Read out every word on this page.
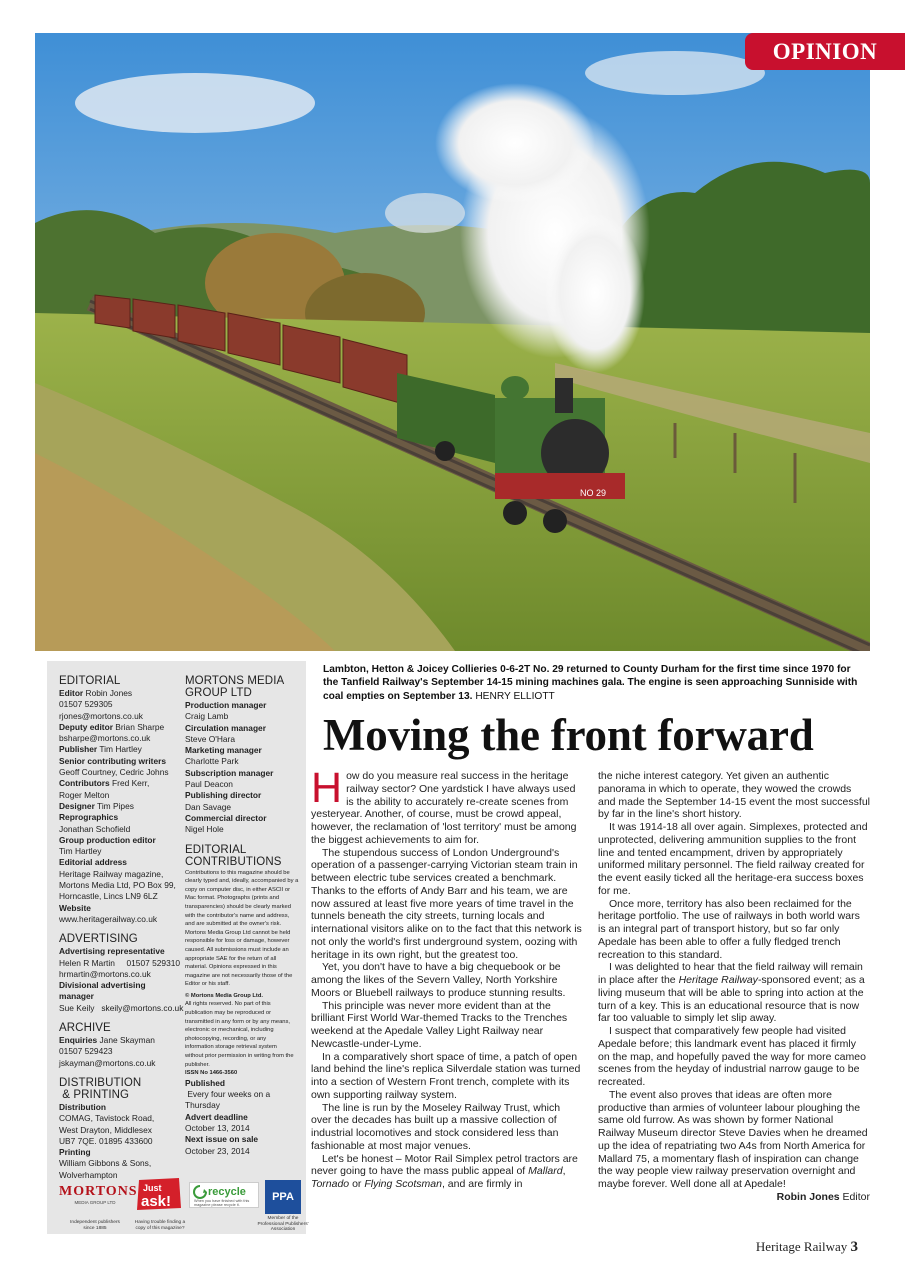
NO 29
OPINION
EDITORIAL
Editor Robin Jones
01507 529305
rjones@mortons.co.uk
Deputy editor Brian Sharpe
bsharpe@mortons.co.uk
Publisher Tim Hartley
Senior contributing writers
Geoff Courtney, Cedric Johns
Contributors Fred Kerr,
Roger Melton
Designer Tim Pipes
Reprographics
Jonathan Schofield
Group production editor
Tim Hartley
Editorial address
Heritage Railway magazine,
Mortons Media Ltd, PO Box 99,
Horncastle, Lincs LN9 6LZ
Website
www.heritagerailway.co.uk
ADVERTISING
Advertising representative
Helen R Martin     01507 529310
hrmartin@mortons.co.uk
Divisional advertising
manager
Sue Keily   skeily@mortons.co.uk
ARCHIVE
Enquiries Jane Skayman
01507 529423
jskayman@mortons.co.uk
DISTRIBUTION
& PRINTING
Distribution
COMAG, Tavistock Road,
West Drayton, Middlesex
UB7 7QE. 01895 433600
Printing
William Gibbons & Sons,
Wolverhampton
MORTONS MEDIA
GROUP LTD
Production manager
Craig Lamb
Circulation manager
Steve O'Hara
Marketing manager
Charlotte Park
Subscription manager
Paul Deacon
Publishing director
Dan Savage
Commercial director
Nigel Hole
EDITORIAL
CONTRIBUTIONS
Contributions to this magazine should be
clearly typed and, ideally, accompanied by a
copy on computer disc, in either ASCII or
Mac format. Photographs (prints and
transparencies) should be clearly marked
with the contributor's name and address,
and are submitted at the owner's risk.
Mortons Media Group Ltd cannot be held
responsible for loss or damage, however
caused. All submissions must include an
appropriate SAE for the return of all
material. Opinions expressed in this
magazine are not necessarily those of the
Editor or his staff.
© Mortons Media Group Ltd.
All rights reserved. No part of this
publication may be reproduced or
transmitted in any form or by any means,
electronic or mechanical, including
photocopying, recording, or any
information storage retrieval system
without prior permission in writing from the
publisher.
ISSN No 1466-3560
Published Every four weeks on a
Thursday
Advert deadline
October 13, 2014
Next issue on sale
October 23, 2014
MORTONS
MEDIA GROUP LTD
Independent publishers
since 1885
Just
ask!
Having trouble finding a
copy of this magazine?
recycle
When you have finished with this magazine please recycle it.
PPA
Member of the
Professional Publishers'
Association
Lambton, Hetton & Joicey Collieries 0-6-2T No. 29 returned to County Durham for the first time since 1970 for the Tanfield Railway's September 14-15 mining machines gala. The engine is seen approaching Sunniside with coal empties on September 13. HENRY ELLIOTT
Moving the front forward
H ow do you measure real success in the heritage railway sector? One yardstick I have always used is the ability to accurately re-create scenes from yesteryear. Another, of course, must be crowd appeal, however, the reclamation of 'lost territory' must be among the biggest achievements to aim for.

The stupendous success of London Underground's operation of a passenger-carrying Victorian steam train in between electric tube services created a benchmark. Thanks to the efforts of Andy Barr and his team, we are now assured at least five more years of time travel in the tunnels beneath the city streets, turning locals and international visitors alike on to the fact that this network is not only the world's first underground system, oozing with heritage in its own right, but the greatest too.

Yet, you don't have to have a big chequebook or be among the likes of the Severn Valley, North Yorkshire Moors or Bluebell railways to produce stunning results.

This principle was never more evident than at the brilliant First World War-themed Tracks to the Trenches weekend at the Apedale Valley Light Railway near Newcastle-under-Lyme.

In a comparatively short space of time, a patch of open land behind the line's replica Silverdale station was turned into a section of Western Front trench, complete with its own supporting railway system.

The line is run by the Moseley Railway Trust, which over the decades has built up a massive collection of industrial locomotives and stock considered less than fashionable at most major venues.

Let's be honest – Motor Rail Simplex petrol tractors are never going to have the mass public appeal of Mallard, Tornado or Flying Scotsman, and are firmly in

the niche interest category. Yet given an authentic panorama in which to operate, they wowed the crowds and made the September 14-15 event the most successful by far in the line's short history.

It was 1914-18 all over again. Simplexes, protected and unprotected, delivering ammunition supplies to the front line and tented encampment, driven by appropriately uniformed military personnel. The field railway created for the event easily ticked all the heritage-era success boxes for me.

Once more, territory has also been reclaimed for the heritage portfolio. The use of railways in both world wars is an integral part of transport history, but so far only Apedale has been able to offer a fully fledged trench recreation to this standard.

I was delighted to hear that the field railway will remain in place after the Heritage Railway-sponsored event; as a living museum that will be able to spring into action at the turn of a key. This is an educational resource that is now far too valuable to simply let slip away.

I suspect that comparatively few people had visited Apedale before; this landmark event has placed it firmly on the map, and hopefully paved the way for more cameo scenes from the heyday of industrial narrow gauge to be recreated.

The event also proves that ideas are often more productive than armies of volunteer labour ploughing the same old furrow. As was shown by former National Railway Museum director Steve Davies when he dreamed up the idea of repatriating two A4s from North America for Mallard 75, a momentary flash of inspiration can change the way people view railway preservation overnight and maybe forever. Well done all at Apedale!

Robin Jones Editor

Heritage Railway 3
